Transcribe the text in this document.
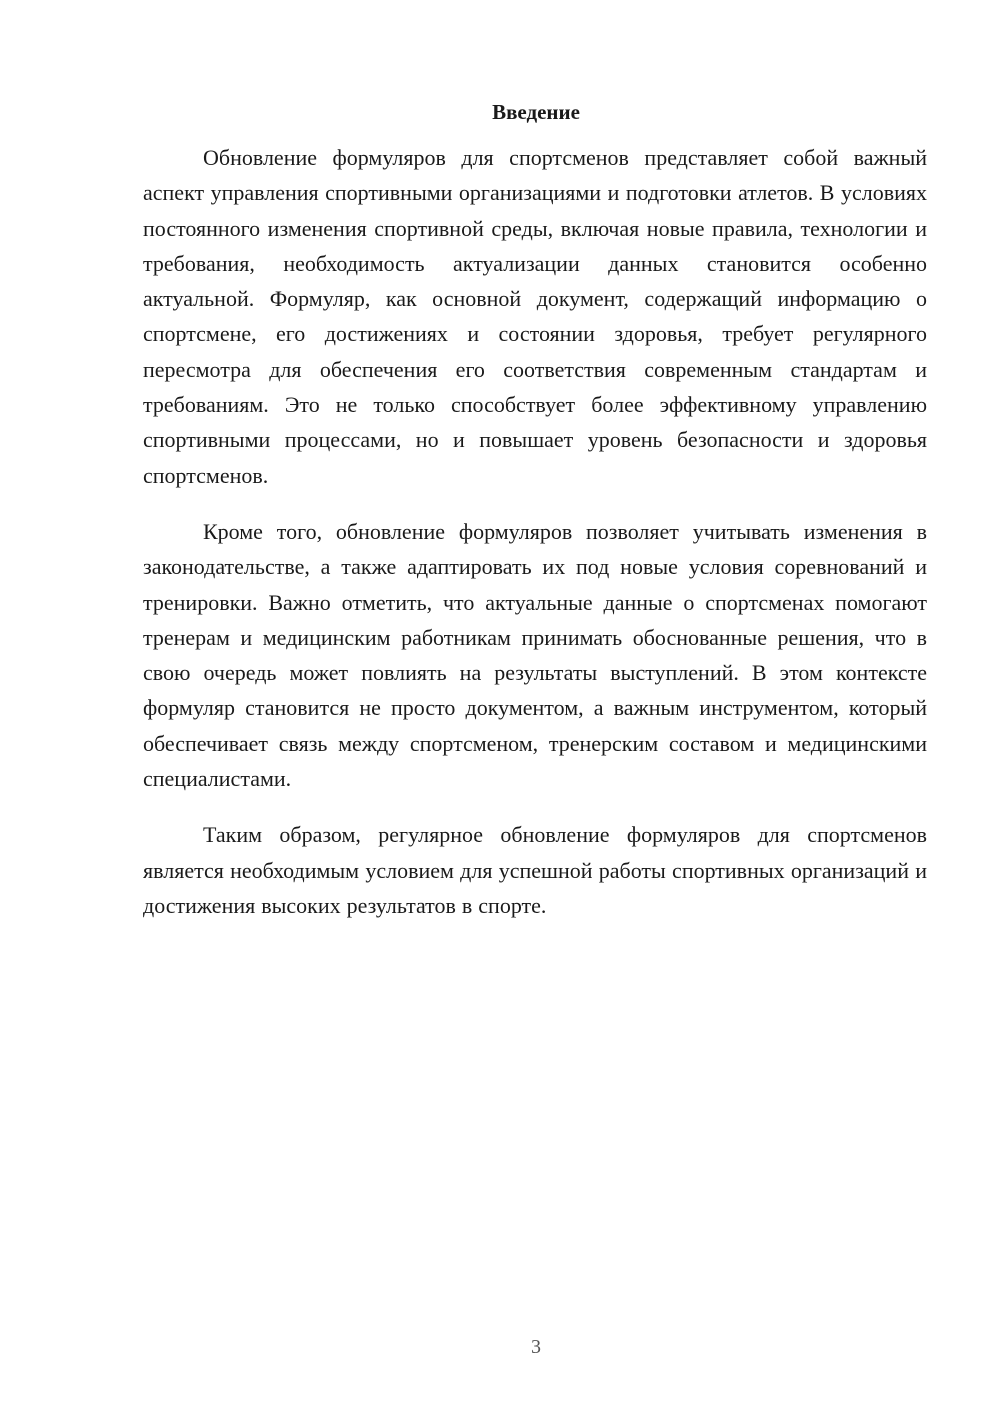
Введение

Обновление формуляров для спортсменов представляет собой важный аспект управления спортивными организациями и подготовки атлетов. В условиях постоянного изменения спортивной среды, включая новые правила, технологии и требования, необходимость актуализации данных становится особенно актуальной. Формуляр, как основной документ, содержащий информацию о спортсмене, его достижениях и состоянии здоровья, требует регулярного пересмотра для обеспечения его соответствия современным стандартам и требованиям. Это не только способствует более эффективному управлению спортивными процессами, но и повышает уровень безопасности и здоровья спортсменов.

Кроме того, обновление формуляров позволяет учитывать изменения в законодательстве, а также адаптировать их под новые условия соревнований и тренировки. Важно отметить, что актуальные данные о спортсменах помогают тренерам и медицинским работникам принимать обоснованные решения, что в свою очередь может повлиять на результаты выступлений. В этом контексте формуляр становится не просто документом, а важным инструментом, который обеспечивает связь между спортсменом, тренерским составом и медицинскими специалистами.

Таким образом, регулярное обновление формуляров для спортсменов является необходимым условием для успешной работы спортивных организаций и достижения высоких результатов в спорте.

3
